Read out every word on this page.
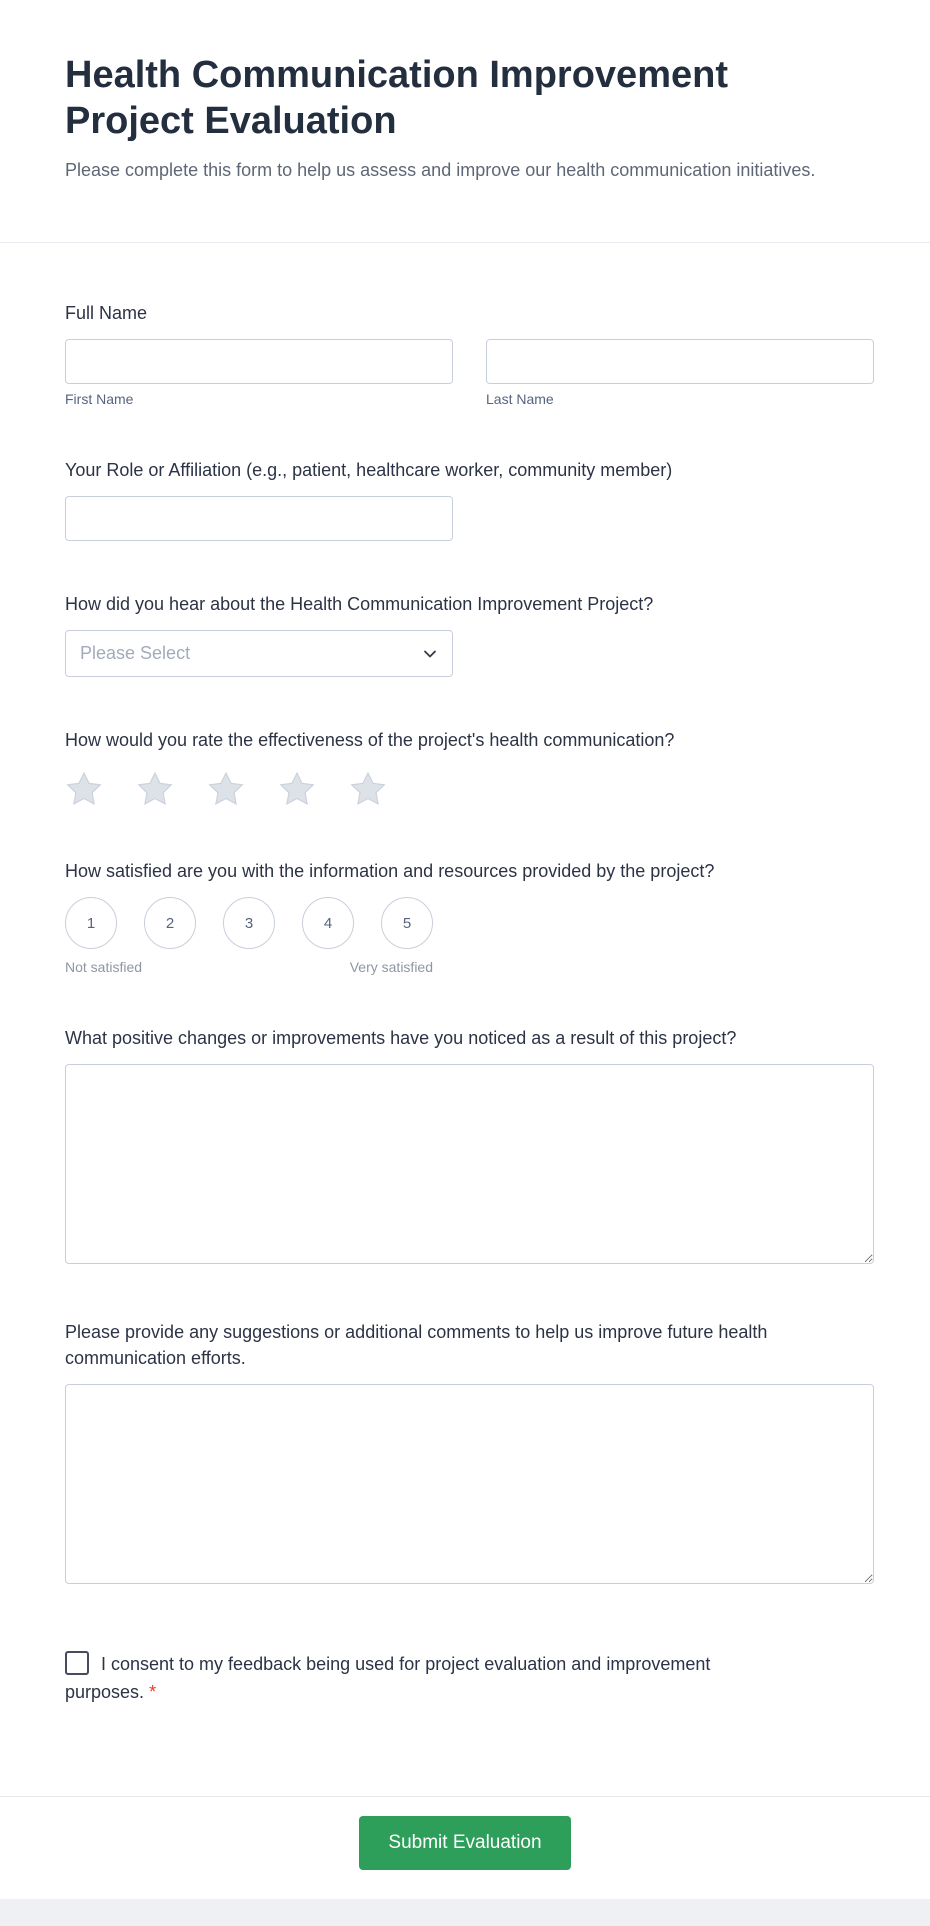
Health Communication Improvement Project Evaluation

Please complete this form to help us assess and improve our health communication initiatives.

Full Name
First Name	Last Name
Your Role or Affiliation (e.g., patient, healthcare worker, community member)
How did you hear about the Health Communication Improvement Project?
Please Select
How would you rate the effectiveness of the project's health communication?
How satisfied are you with the information and resources provided by the project?
1	2	3	4	5
Not satisfied	Very satisfied
What positive changes or improvements have you noticed as a result of this project?
Please provide any suggestions or additional comments to help us improve future health communication efforts.
I consent to my feedback being used for project evaluation and improvement purposes. *
Submit Evaluation
